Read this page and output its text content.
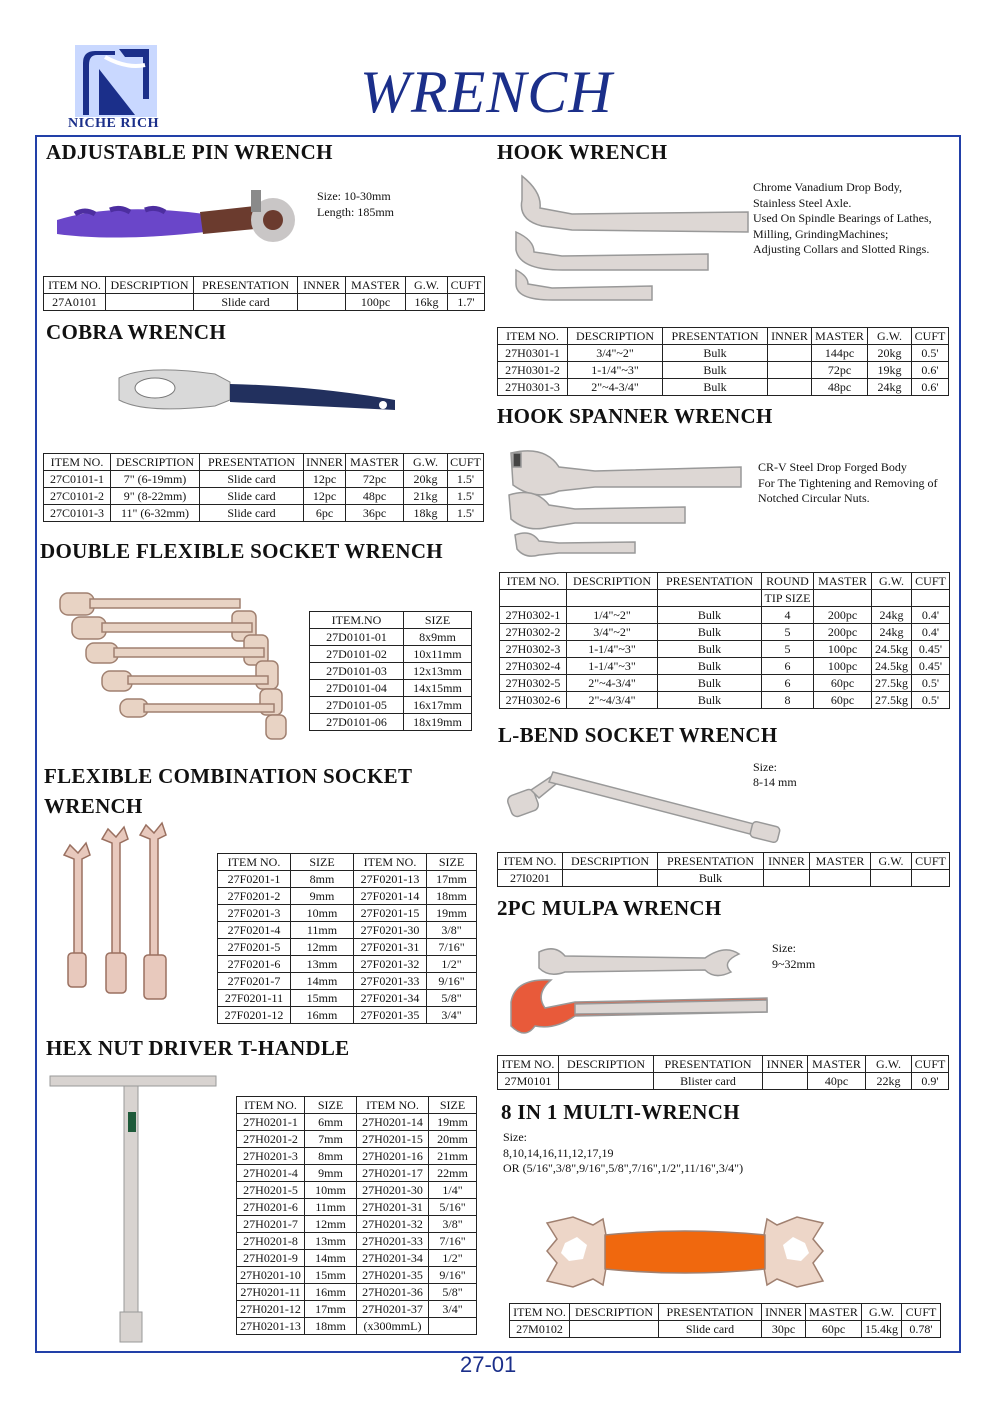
NICHE RICH	WRENCH
ADJUSTABLE PIN WRENCH
Size: 10-30mm
Length: 185mm
ITEM NO.	DESCRIPTION	PRESENTATION	INNER	MASTER	G.W.	CUFT
27A0101		Slide card		100pc	16kg	1.7'
COBRA WRENCH
ITEM NO.	DESCRIPTION	PRESENTATION	INNER	MASTER	G.W.	CUFT
27C0101-1	7" (6-19mm)	Slide card	12pc	72pc	20kg	1.5'
27C0101-2	9" (8-22mm)	Slide card	12pc	48pc	21kg	1.5'
27C0101-3	11" (6-32mm)	Slide card	6pc	36pc	18kg	1.5'
DOUBLE FLEXIBLE SOCKET WRENCH
ITEM.NO	SIZE
27D0101-01	8x9mm
27D0101-02	10x11mm
27D0101-03	12x13mm
27D0101-04	14x15mm
27D0101-05	16x17mm
27D0101-06	18x19mm
FLEXIBLE COMBINATION SOCKET WRENCH
ITEM NO.	SIZE	ITEM NO.	SIZE
27F0201-1	8mm	27F0201-13	17mm
27F0201-2	9mm	27F0201-14	18mm
27F0201-3	10mm	27F0201-15	19mm
27F0201-4	11mm	27F0201-30	3/8"
27F0201-5	12mm	27F0201-31	7/16"
27F0201-6	13mm	27F0201-32	1/2"
27F0201-7	14mm	27F0201-33	9/16"
27F0201-11	15mm	27F0201-34	5/8"
27F0201-12	16mm	27F0201-35	3/4"
HEX NUT DRIVER T-HANDLE
ITEM NO.	SIZE	ITEM NO.	SIZE
27H0201-1	6mm	27H0201-14	19mm
27H0201-2	7mm	27H0201-15	20mm
27H0201-3	8mm	27H0201-16	21mm
27H0201-4	9mm	27H0201-17	22mm
27H0201-5	10mm	27H0201-30	1/4"
27H0201-6	11mm	27H0201-31	5/16"
27H0201-7	12mm	27H0201-32	3/8"
27H0201-8	13mm	27H0201-33	7/16"
27H0201-9	14mm	27H0201-34	1/2"
27H0201-10	15mm	27H0201-35	9/16"
27H0201-11	16mm	27H0201-36	5/8"
27H0201-12	17mm	27H0201-37	3/4"
27H0201-13	18mm	(x300mmL)	
HOOK WRENCH
Chrome Vanadium Drop Body,
Stainless Steel Axle.
Used On Spindle Bearings of Lathes,
Milling, GrindingMachines;
Adjusting Collars and Slotted Rings.
ITEM NO.	DESCRIPTION	PRESENTATION	INNER	MASTER	G.W.	CUFT
27H0301-1	3/4"~2"	Bulk		144pc	20kg	0.5'
27H0301-2	1-1/4"~3"	Bulk		72pc	19kg	0.6'
27H0301-3	2"~4-3/4"	Bulk		48pc	24kg	0.6'
HOOK SPANNER WRENCH
CR-V Steel Drop Forged Body
For The Tightening and Removing of
Notched Circular Nuts.
ITEM NO.	DESCRIPTION	PRESENTATION	ROUND	MASTER	G.W.	CUFT
			TIP SIZE			
27H0302-1	1/4"~2"	Bulk	4	200pc	24kg	0.4'
27H0302-2	3/4"~2"	Bulk	5	200pc	24kg	0.4'
27H0302-3	1-1/4"~3"	Bulk	5	100pc	24.5kg	0.45'
27H0302-4	1-1/4"~3"	Bulk	6	100pc	24.5kg	0.45'
27H0302-5	2"~4-3/4"	Bulk	6	60pc	27.5kg	0.5'
27H0302-6	2"~4/3/4"	Bulk	8	60pc	27.5kg	0.5'
L-BEND SOCKET WRENCH
Size:
8-14 mm
ITEM NO.	DESCRIPTION	PRESENTATION	INNER	MASTER	G.W.	CUFT
27I0201		Bulk				
2PC MULPA WRENCH
Size:
9~32mm
ITEM NO.	DESCRIPTION	PRESENTATION	INNER	MASTER	G.W.	CUFT
27M0101		Blister card		40pc	22kg	0.9'
8 IN 1 MULTI-WRENCH
Size:
8,10,14,16,11,12,17,19
OR (5/16",3/8",9/16",5/8",7/16",1/2",11/16",3/4")
ITEM NO.	DESCRIPTION	PRESENTATION	INNER	MASTER	G.W.	CUFT
27M0102		Slide card	30pc	60pc	15.4kg	0.78'
27-01
